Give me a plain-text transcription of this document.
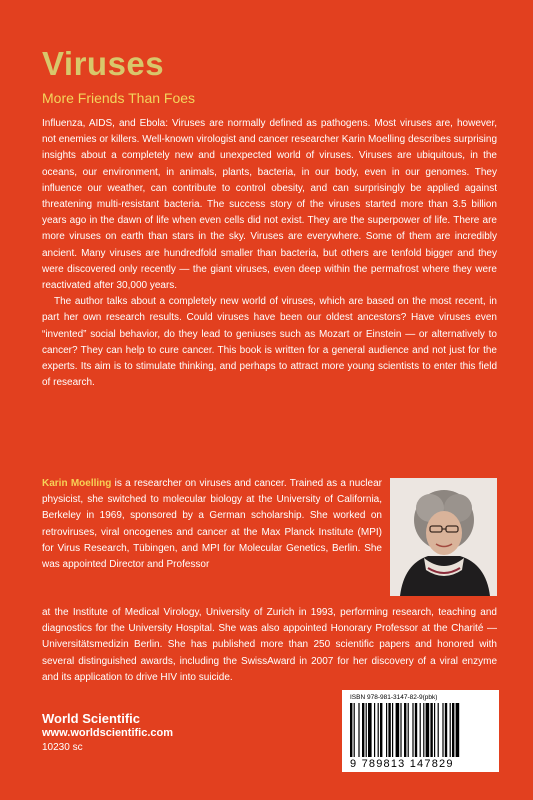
Viruses
More Friends Than Foes

Influenza, AIDS, and Ebola: Viruses are normally defined as pathogens. Most viruses are, however, not enemies or killers. Well-known virologist and cancer researcher Karin Moelling describes surprising insights about a completely new and unexpected world of viruses. Viruses are ubiquitous, in the oceans, our environment, in animals, plants, bacteria, in our body, even in our genomes. They influence our weather, can contribute to control obesity, and can surprisingly be applied against threatening multi-resistant bacteria. The success story of the viruses started more than 3.5 billion years ago in the dawn of life when even cells did not exist. They are the superpower of life. There are more viruses on earth than stars in the sky. Viruses are everywhere. Some of them are incredibly ancient. Many viruses are hundredfold smaller than bacteria, but others are tenfold bigger and they were discovered only recently — the giant viruses, even deep within the permafrost where they were reactivated after 30,000 years.

The author talks about a completely new world of viruses, which are based on the most recent, in part her own research results. Could viruses have been our oldest ancestors? Have viruses even “invented” social behavior, do they lead to geniuses such as Mozart or Einstein — or alternatively to cancer? They can help to cure cancer. This book is written for a general audience and not just for the experts. Its aim is to stimulate thinking, and perhaps to attract more young scientists to enter this field of research.

Karin Moelling is a researcher on viruses and cancer. Trained as a nuclear physicist, she switched to molecular biology at the University of California, Berkeley in 1969, sponsored by a German scholarship. She worked on retroviruses, viral oncogenes and cancer at the Max Planck Institute (MPI) for Virus Research, Tübingen, and MPI for Molecular Genetics, Berlin. She was appointed Director and Professor
at the Institute of Medical Virology, University of Zurich in 1993, performing research, teaching and diagnostics for the University Hospital. She was also appointed Honorary Professor at the Charité — Universitätsmedizin Berlin. She has published more than 250 scientific papers and honored with several distinguished awards, including the SwissAward in 2007 for her discovery of a viral enzyme and its application to drive HIV into suicide.
World Scientific
www.worldscientific.com
10230 sc
ISBN 978-981-3147-82-9(pbk)
9 789813 147829
